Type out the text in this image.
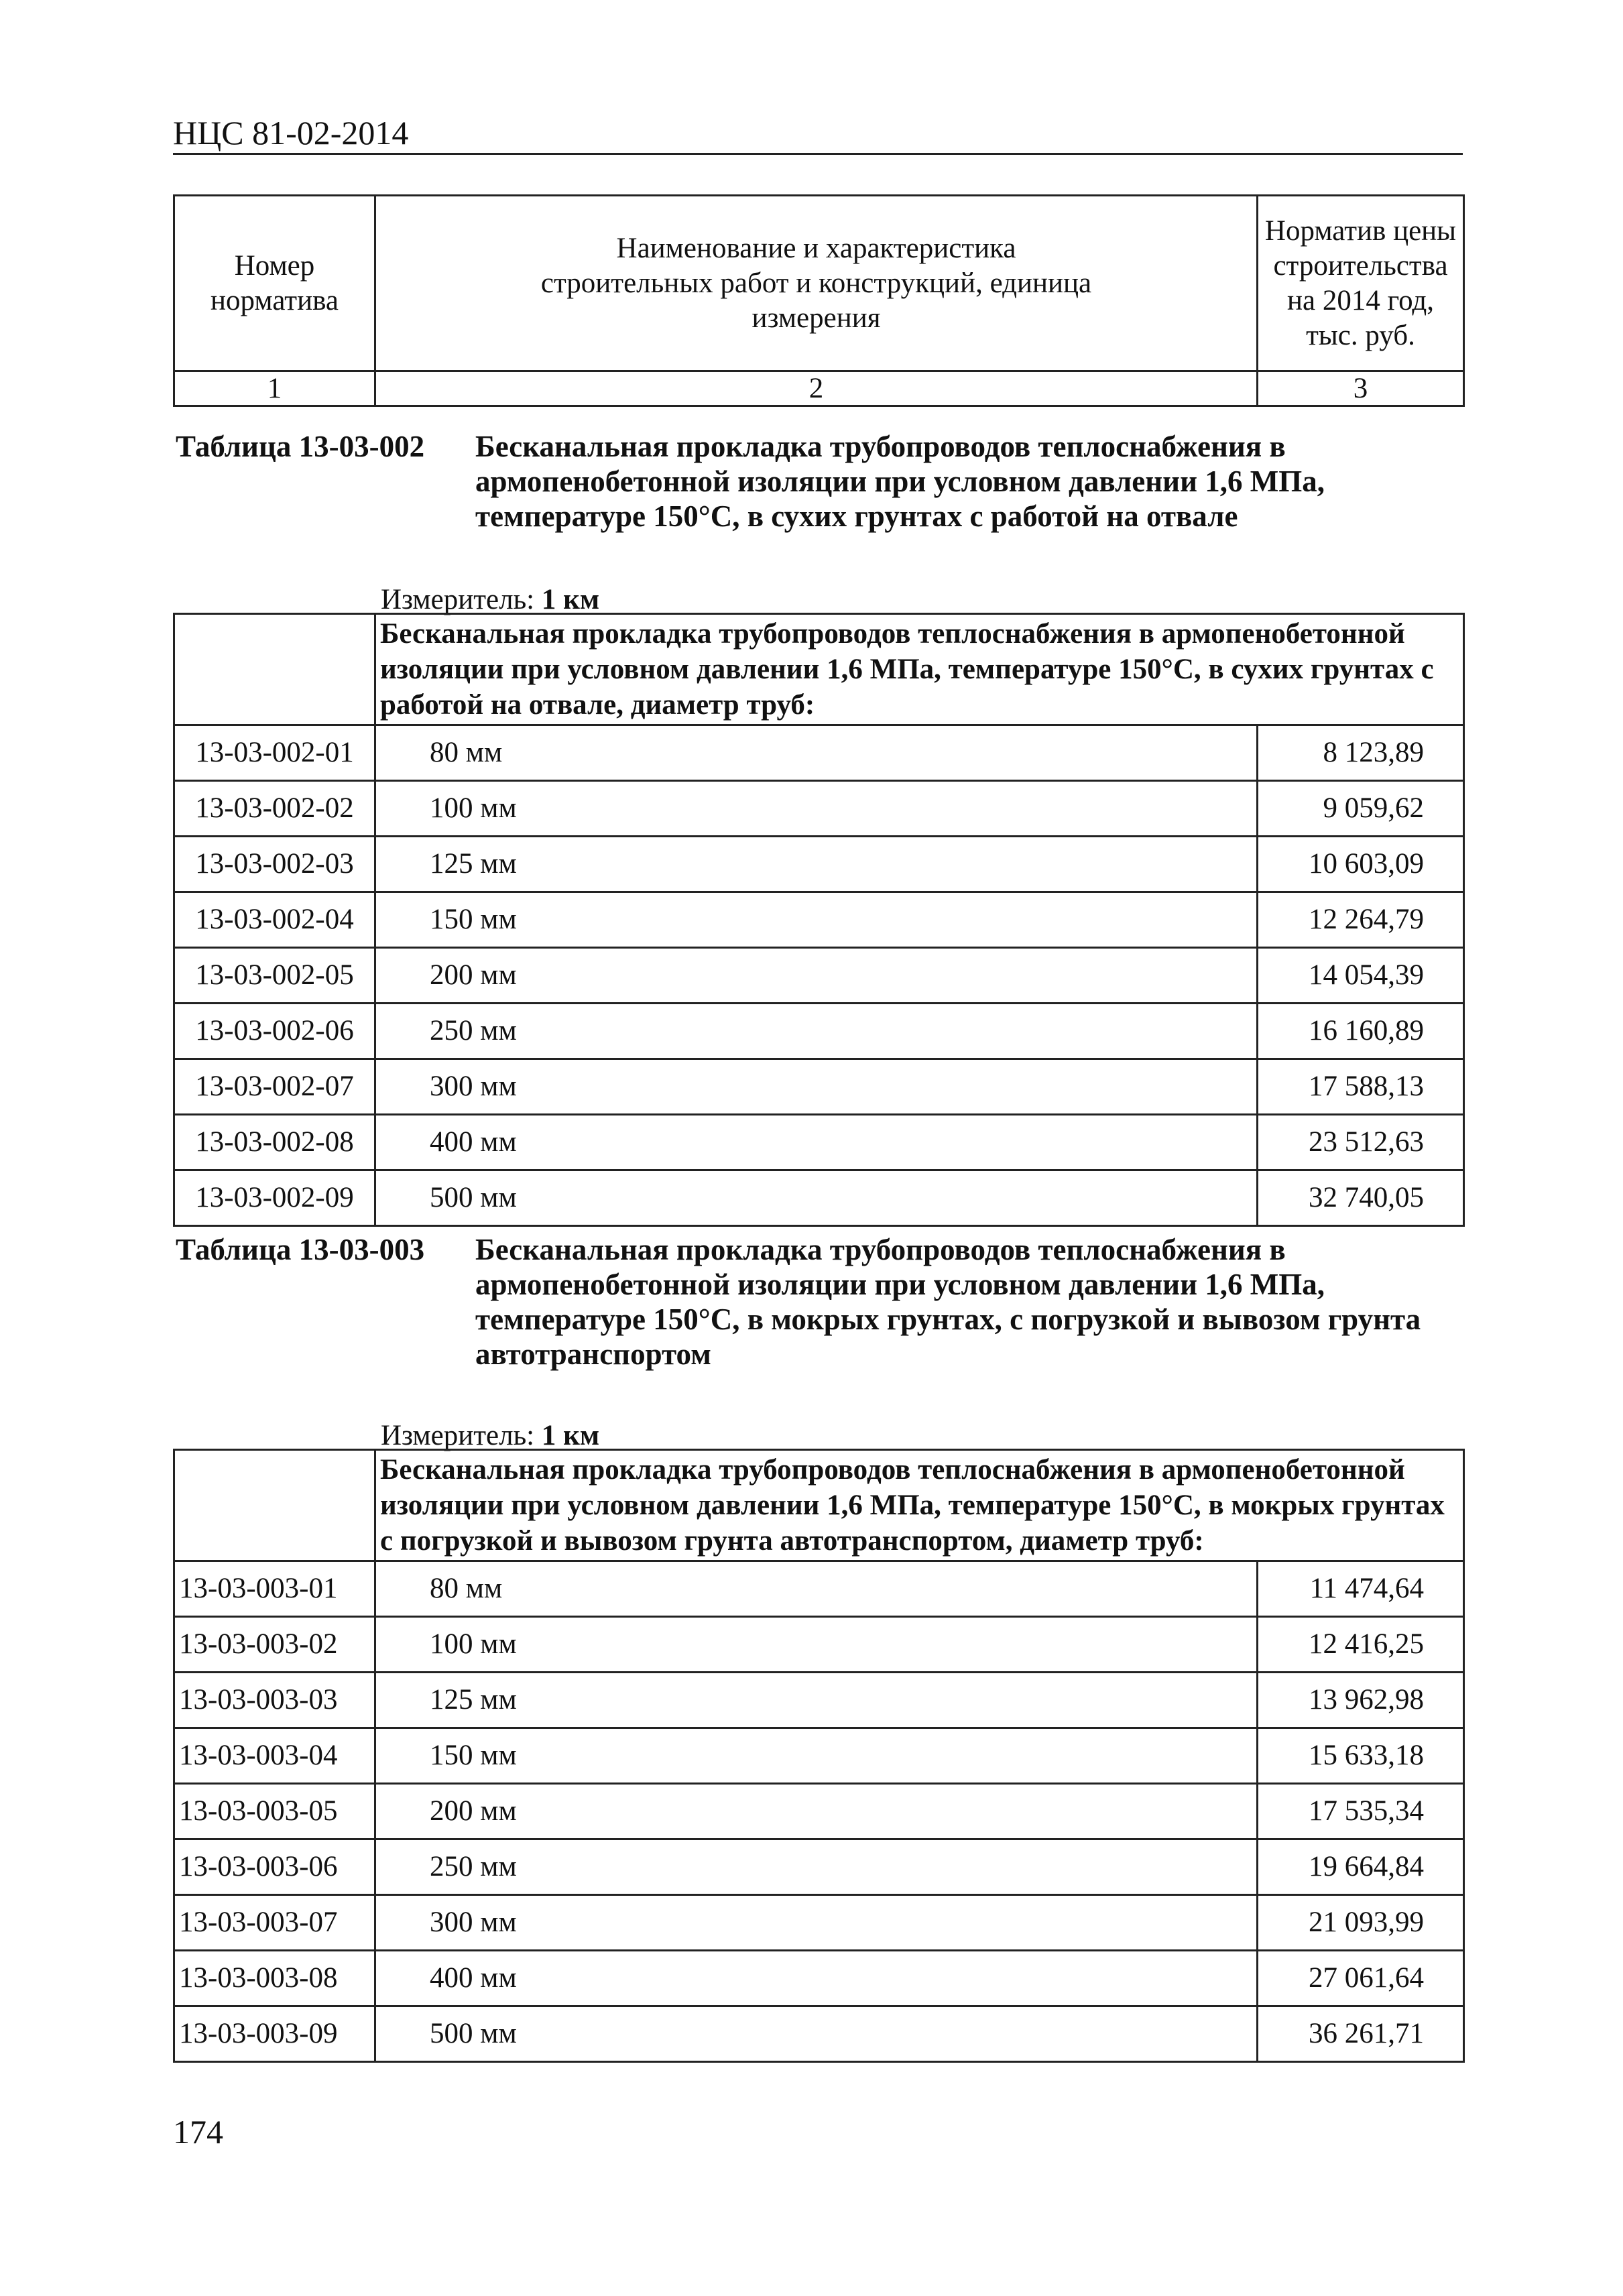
НЦС 81-02-2014
Номер норматива	Наименование и характеристика строительных работ и конструкций, единица измерения	Норматив цены строительства на 2014 год, тыс. руб.
1	2	3
Таблица 13-03-002	Бесканальная прокладка трубопроводов теплоснабжения в армопенобетонной изоляции при условном давлении 1,6 МПа, температуре 150°С, в сухих грунтах с работой на отвале
Измеритель: 1 км
	Бесканальная прокладка трубопроводов теплоснабжения в армопенобетонной изоляции при условном давлении 1,6 МПа, температуре 150°С, в сухих грунтах с работой на отвале, диаметр труб:	
13-03-002-01	80 мм	8 123,89
13-03-002-02	100 мм	9 059,62
13-03-002-03	125 мм	10 603,09
13-03-002-04	150 мм	12 264,79
13-03-002-05	200 мм	14 054,39
13-03-002-06	250 мм	16 160,89
13-03-002-07	300 мм	17 588,13
13-03-002-08	400 мм	23 512,63
13-03-002-09	500 мм	32 740,05
Таблица 13-03-003	Бесканальная прокладка трубопроводов теплоснабжения в армопенобетонной изоляции при условном давлении 1,6 МПа, температуре 150°С, в мокрых грунтах, с погрузкой и вывозом грунта автотранспортом
Измеритель: 1 км
	Бесканальная прокладка трубопроводов теплоснабжения в армопенобетонной изоляции при условном давлении 1,6 МПа, температуре 150°С, в мокрых грунтах с погрузкой и вывозом грунта автотранспортом, диаметр труб:	
13-03-003-01	80 мм	11 474,64
13-03-003-02	100 мм	12 416,25
13-03-003-03	125 мм	13 962,98
13-03-003-04	150 мм	15 633,18
13-03-003-05	200 мм	17 535,34
13-03-003-06	250 мм	19 664,84
13-03-003-07	300 мм	21 093,99
13-03-003-08	400 мм	27 061,64
13-03-003-09	500 мм	36 261,71
174
